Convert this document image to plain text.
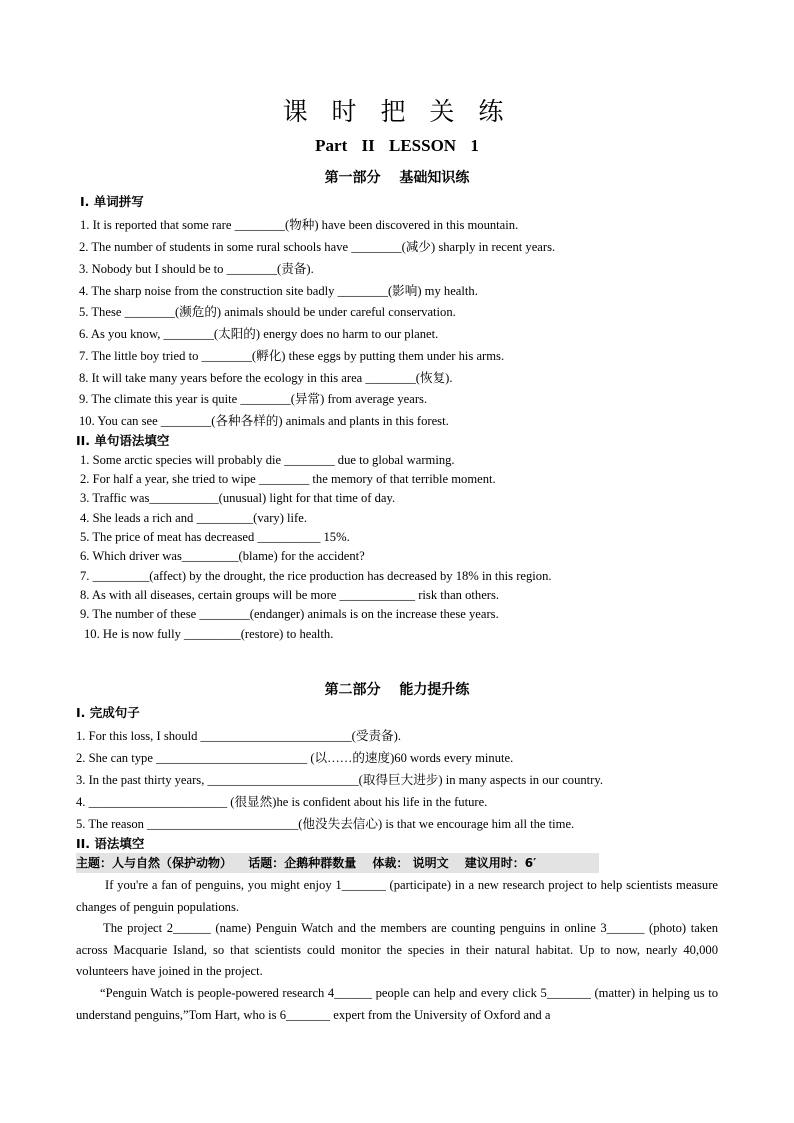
课 时 把 关 练
Part II LESSON 1
第一部分 基础知识练
I. 单词拼写
1. It is reported that some rare ________(物种) have been discovered in this mountain.
2. The number of students in some rural schools have ________(减少) sharply in recent years.
3. Nobody but I should be to ________(责备).
4. The sharp noise from the construction site badly ________(影响) my health.
5. These ________(濒危的) animals should be under careful conservation.
6. As you know, ________(太阳的) energy does no harm to our planet.
7. The little boy tried to ________(孵化) these eggs by putting them under his arms.
8. It will take many years before the ecology in this area ________(恢复).
9. The climate this year is quite ________(异常) from average years.
10. You can see ________(各种各样的) animals and plants in this forest.
II. 单句语法填空
1. Some arctic species will probably die ________ due to global warming.
2. For half a year, she tried to wipe ________ the memory of that terrible moment.
3. Traffic was___________(unusual) light for that time of day.
4. She leads a rich and _________(vary) life.
5. The price of meat has decreased __________ 15%.
6. Which driver was_________(blame) for the accident?
7. _________(affect) by the drought, the rice production has decreased by 18% in this region.
8. As with all diseases, certain groups will be more ____________ risk than others.
9. The number of these ________(endanger) animals is on the increase these years.
10. He is now fully _________(restore) to health.
第二部分 能力提升练
I. 完成句子
1. For this loss, I should ________________________(受责备).
2. She can type ________________________ (以……的速度)60 words every minute.
3. In the past thirty years, ________________________(取得巨大进步) in many aspects in our country.
4. ______________________ (很显然)he is confident about his life in the future.
5. The reason ________________________(他没失去信心) is that we encourage him all the time.
II. 语法填空
主题：人与自然（保护动物） 话题：企鹅种群数量 体裁： 说明文 建议用时：6′

If you're a fan of penguins, you might enjoy 1_______ (participate) in a new research project to help scientists measure changes of penguin populations.

The project 2______ (name) Penguin Watch and the members are counting penguins in online 3______ (photo) taken across Macquarie Island, so that scientists could monitor the species in their natural habitat. Up to now, nearly 40,000 volunteers have joined in the project.

“Penguin Watch is people-powered research 4______ people can help and every click 5_______ (matter) in helping us to understand penguins,”Tom Hart, who is 6_______ expert from the University of Oxford and a
